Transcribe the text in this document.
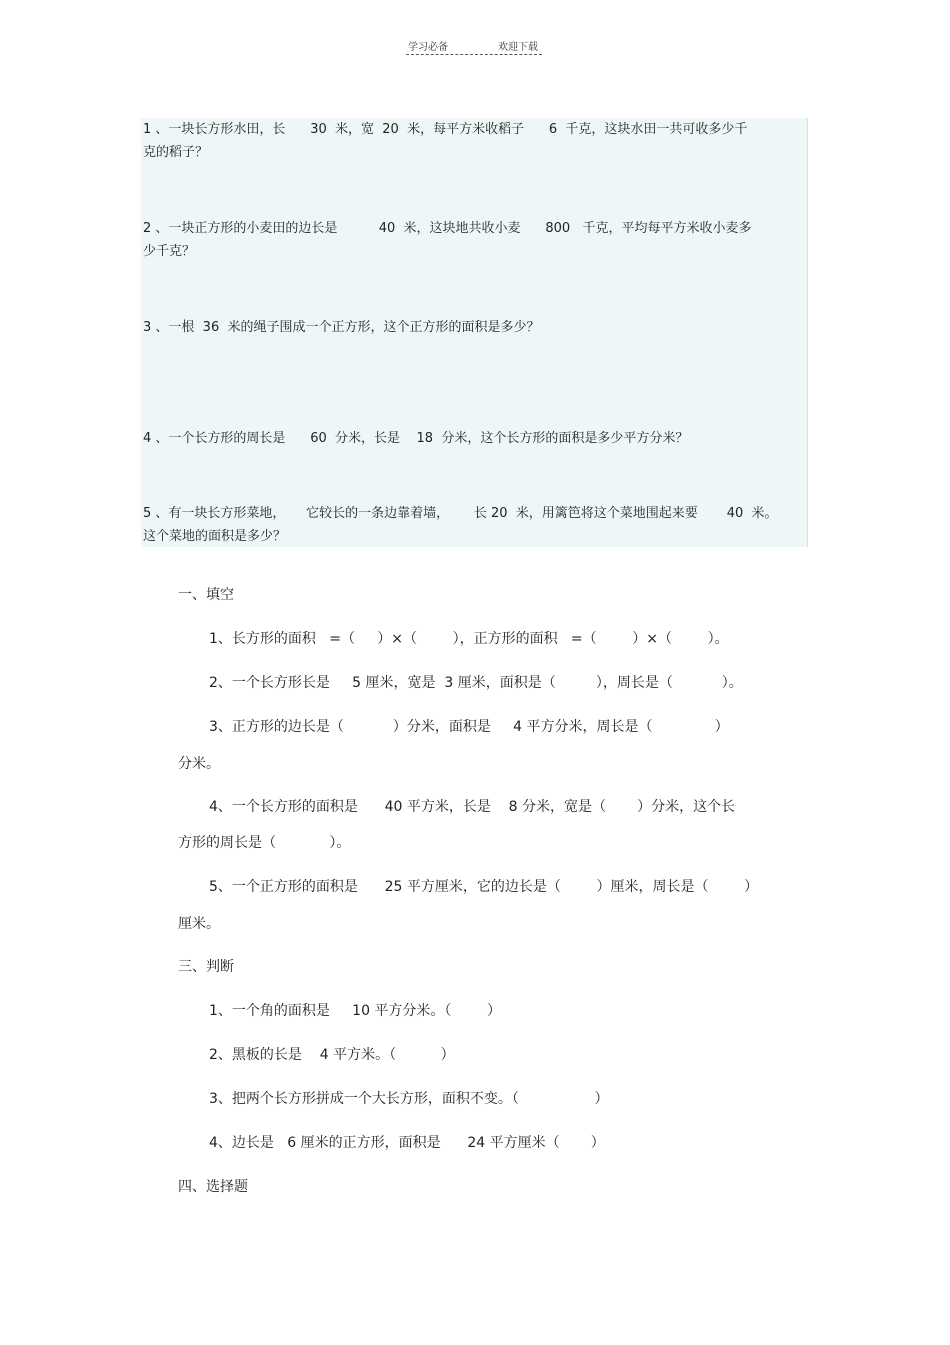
学习必备	欢迎下载
1 、一块长方形水田，长      30  米，宽  20  米，每平方米收稻子      6  千克，这块水田一共可收多少千
克的稻子？
2 、一块正方形的小麦田的边长是          40  米，这块地共收小麦      800   千克，平均每平方米收小麦多
少千克？
3 、一根  36  米的绳子围成一个正方形，这个正方形的面积是多少？
4 、一个长方形的周长是      60  分米，长是    18  分米，这个长方形的面积是多少平方分米？
5 、有一块长方形菜地，     它较长的一条边靠着墙，      长 20  米，用篱笆将这个菜地围起来要       40  米。
这个菜地的面积是多少？
一、填空
1、长方形的面积   =（     ）×（        ），正方形的面积   =（        ）×（        ）。
2、一个长方形长是     5 厘米，宽是  3 厘米，面积是（         ），周长是（           ）。
3、正方形的边长是（           ）分米，面积是     4 平方分米，周长是（              ）
分米。
4、一个长方形的面积是      40 平方米，长是    8 分米，宽是（       ）分米，这个长
方形的周长是（            ）。
5、一个正方形的面积是      25 平方厘米，它的边长是（        ）厘米，周长是（        ）
厘米。
三、判断
1、一个角的面积是     10 平方分米。（        ）
2、黑板的长是    4 平方米。（          ）
3、把两个长方形拼成一个大长方形，面积不变。（                 ）
4、边长是   6 厘米的正方形，面积是      24 平方厘米（       ）
四、选择题
